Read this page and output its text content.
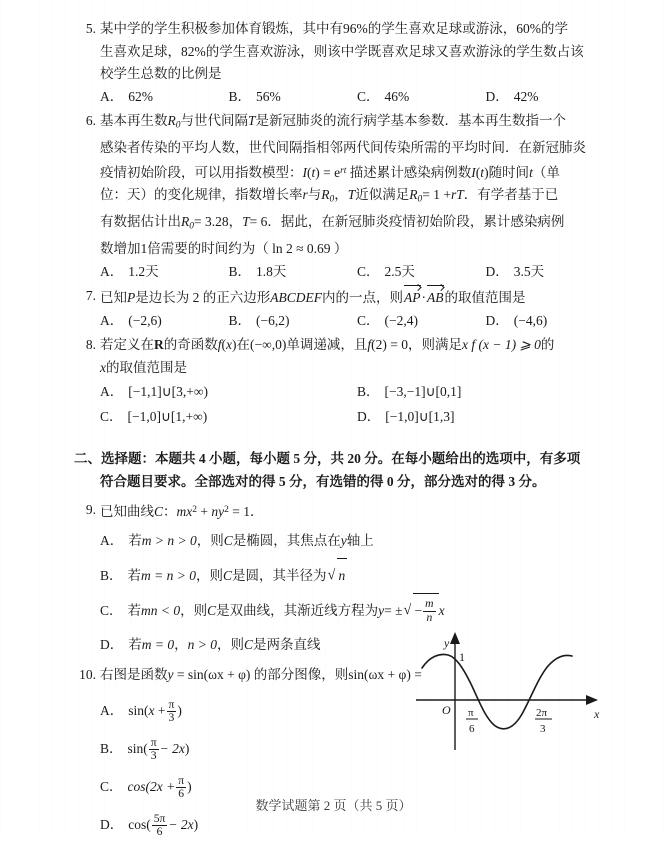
5. 某中学的学生积极参加体育锻炼，其中有96%的学生喜欢足球或游泳，60%的学
生喜欢足球，82%的学生喜欢游泳，则该中学既喜欢足球又喜欢游泳的学生数占该
校学生总数的比例是
A． 62%	B． 56%	C． 46%	D． 42%
6. 基本再生数$R_0$与世代间隔T是新冠肺炎的流行病学基本参数．基本再生数指一个
感染者传染的平均人数，世代间隔指相邻两代间传染所需的平均时间．在新冠肺炎
疫情初始阶段，可以用指数模型：$I(t) = e^{rt}$ 描述累计感染病例数I(t)随时间t（单
位：天）的变化规律，指数增长率r与$R_0$，T近似满足$R_0= 1 +rT$．有学者基于已
有数据估计出$R_0= 3.28$，T= 6．据此，在新冠肺炎疫情初始阶段，累计感染病例
数增加1倍需要的时间约为（ ln 2 ≈ 0.69 ）
A． 1.2天	B． 1.8天	C． 2.5天	D． 3.5天
7. 已知P是边长为 2 的正六边形ABCDEF内的一点，则AP·AB的取值范围是
A． (−2,6)	B． (−6,2)	C． (−2,4)	D． (−4,6)
8. 若定义在R的奇函数f(x)在(−∞,0)单调递减，且f(2) = 0，则满足x f (x − 1) ⩾ 0的
x的取值范围是
A． [−1,1]∪[3,+∞)	B． [−3,−1]∪[0,1]
C． [−1,0]∪[1,+∞)	D． [−1,0]∪[1,3]
二、选择题：本题共 4 小题，每小题 5 分，共 20 分。在每小题给出的选项中，有多项
符合题目要求。全部选对的得 5 分，有选错的得 0 分，部分选对的得 3 分。
9. 已知曲线C：$mx^2 + ny^2 = 1$．
A． 若m > n > 0，则C是椭圆，其焦点在y轴上
B． 若m = n > 0，则C是圆，其半径为 √ n
C． 若mn < 0，则C是双曲线，其渐近线方程为y= ± √ − $\frac{m}{n}$ x
D． 若m = 0，n > 0，则C是两条直线
10. 右图是函数y = sin(ωx + φ) 的部分图像，则sin(ωx + φ) =
A． $\sin(x + \frac{\pi}{3}$ )
B． $\sin( \frac{\pi}{3} - 2x)$
C． $\cos(2x + \frac{\pi}{6}$ )
D． $\cos( \frac{5\pi}{6} - 2x)$
y
x
O
1
π
6
2π
3
数学试题第 2 页（共 5 页）
